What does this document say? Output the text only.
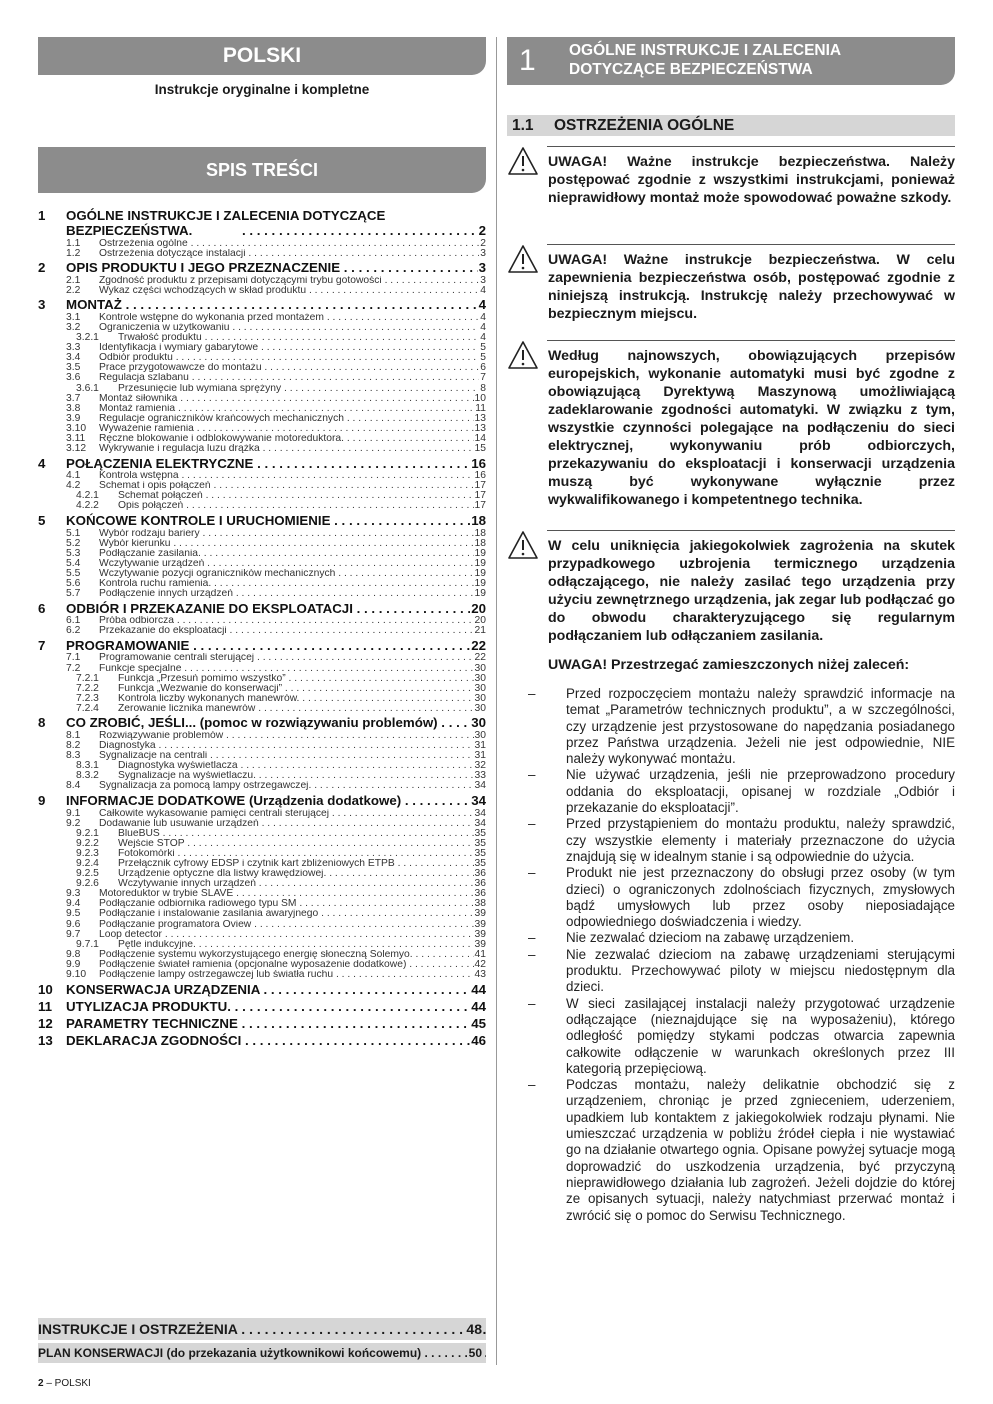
POLSKI
Instrukcje oryginalne i kompletne
SPIS TREŚCI
1 OGÓLNE INSTRUKCJE I ZALECENIA DOTYCZĄCE BEZPIECZEŃSTWA. . . .	2
1.1 Ostrzeżenia ogólne . . .	2
1.2 Ostrzeżenia dotyczące instalacji . . .	3
2 OPIS PRODUKTU I JEGO PRZEZNACZENIE . . .	3
2.1 Zgodność produktu z przepisami dotyczącymi trybu gotowości . . .	3
2.2 Wykaz części wchodzących w skład produktu . . .	4
3 MONTAŻ . . .	4
3.1 Kontrole wstępne do wykonania przed montażem . . .	4
3.2 Ograniczenia w użytkowaniu . . .	4
3.2.1 Trwałość produktu . . .	4
3.3 Identyfikacja i wymiary gabarytowe . . .	5
3.4 Odbiór produktu . . .	5
3.5 Prace przygotowawcze do montażu . . .	6
3.6 Regulacja szlabanu . . .	7
3.6.1 Przesunięcie lub wymiana sprężyny . . .	8
3.7 Montaż siłownika . . .	10
3.8 Montaż ramienia . . .	11
3.9 Regulacje ograniczników krańcowych mechanicznych . . .	13
3.10 Wyważenie ramienia . . .	13
3.11 Ręczne blokowanie i odblokowywanie motoreduktora. . . .	14
3.12 Wykrywanie i regulacja luzu drążka . . .	15
4 POŁĄCZENIA ELEKTRYCZNE . . .	16
4.1 Kontrola wstępna . . .	16
4.2 Schemat i opis połączeń . . .	17
4.2.1 Schemat połączeń . . .	17
4.2.2 Opis połączeń . . .	17
5 KOŃCOWE KONTROLE I URUCHOMIENIE . . .	18
5.1 Wybór rodzaju bariery . . .	18
5.2 Wybór kierunku . . .	18
5.3 Podłączanie zasilania. . . .	19
5.4 Wczytywanie urządzeń . . .	19
5.5 Wczytywanie pozycji ograniczników mechanicznych . . .	19
5.6 Kontrola ruchu ramienia. . . .	19
5.7 Podłączenie innych urządzeń . . .	19
6 ODBIÓR I PRZEKAZANIE DO EKSPLOATACJI . . .	20
6.1 Próba odbiorcza . . .	20
6.2 Przekazanie do eksploatacji . . .	21
7 PROGRAMOWANIE . . .	22
7.1 Programowanie centrali sterującej . . .	22
7.2 Funkcje specjalne . . .	30
7.2.1 Funkcja „Przesuń pomimo wszystko” . . .	30
7.2.2 Funkcja „Wezwanie do konserwacji” . . .	30
7.2.3 Kontrola liczby wykonanych manewrów. . . .	30
7.2.4 Zerowanie licznika manewrów . . .	30
8 CO ZROBIĆ, JEŚLI... (pomoc w rozwiązywaniu problemów) . . .	30
8.1 Rozwiązywanie problemów . . .	30
8.2 Diagnostyka . . .	31
8.3 Sygnalizacje na centrali . . .	31
8.3.1 Diagnostyka wyświetlacza . . .	32
8.3.2 Sygnalizacje na wyświetlaczu. . . .	33
8.4 Sygnalizacja za pomocą lampy ostrzegawczej. . . .	34
9 INFORMACJE DODATKOWE (Urządzenia dodatkowe) . . .	34
9.1 Całkowite wykasowanie pamięci centrali sterującej . . .	34
9.2 Dodawanie lub usuwanie urządzeń . . .	34
9.2.1 BlueBUS . . .	35
9.2.2 Wejście STOP . . .	35
9.2.3 Fotokomórki . . .	35
9.2.4 Przełącznik cyfrowy EDSP i czytnik kart zbliżeniowych ETPB . . .	35
9.2.5 Urządzenie optyczne dla listwy krawędziowej. . . .	36
9.2.6 Wczytywanie innych urządzeń . . .	36
9.3 Motoreduktor w trybie SLAVE . . .	36
9.4 Podłączanie odbiornika radiowego typu SM . . .	38
9.5 Podłączanie i instalowanie zasilania awaryjnego . . .	39
9.6 Podłączanie programatora Oview . . .	39
9.7 Loop detector . . .	39
9.7.1 Pętle indukcyjne. . . .	39
9.8 Podłączenie systemu wykorzystującego energię słoneczną Solemyo. . . .	41
9.9 Podłączenie świateł ramienia (opcjonalne wyposażenie dodatkowe) . . .	42
9.10 Podłączenie lampy ostrzegawczej lub światła ruchu . . .	43
10 KONSERWACJA URZĄDZENIA . . .	44
11 UTYLIZACJA PRODUKTU. . . .	44
12 PARAMETRY TECHNICZNE . . .	45
13 DEKLARACJA ZGODNOŚCI . . .	46
INSTRUKCJE I OSTRZEŻENIA . . .	48
PLAN KONSERWACJI (do przekazania użytkownikowi końcowemu) . . .	50
2 – POLSKI
1 OGÓLNE INSTRUKCJE I ZALECENIA
DOTYCZĄCE BEZPIECZEŃSTWA
1.1 OSTRZEŻENIA OGÓLNE
UWAGA! Ważne instrukcje bezpieczeństwa. Należy postępować zgodnie z wszystkimi instrukcjami, ponieważ nieprawidłowy montaż może spowodować poważne szkody.
UWAGA! Ważne instrukcje bezpieczeństwa. W celu zapewnienia bezpieczeństwa osób, postępować zgodnie z niniejszą instrukcją. Instrukcję należy przechowywać w bezpiecznym miejscu.
Według najnowszych, obowiązujących przepisów europejskich, wykonanie automatyki musi być zgodne z obowiązującą Dyrektywą Maszynową umożliwiającą zadeklarowanie zgodności automatyki. W związku z tym, wszystkie czynności polegające na podłączeniu do sieci elektrycznej, wykonywaniu prób odbiorczych, przekazywaniu do eksploatacji i konserwacji urządzenia muszą być wykonywane wyłącznie przez wykwalifikowanego i kompetentnego technika.
W celu uniknięcia jakiegokolwiek zagrożenia na skutek przypadkowego uzbrojenia termicznego urządzenia odłączającego, nie należy zasilać tego urządzenia przy użyciu zewnętrznego urządzenia, jak zegar lub podłączać go do obwodu charakteryzującego się regularnym podłączaniem lub odłączaniem zasilania.
UWAGA! Przestrzegać zamieszczonych niżej zaleceń:
– Przed rozpoczęciem montażu należy sprawdzić informacje na temat „Parametrów technicznych produktu”, a w szczególności, czy urządzenie jest przystosowane do napędzania posiadanego przez Państwa urządzenia. Jeżeli nie jest odpowiednie, NIE należy wykonywać montażu.
– Nie używać urządzenia, jeśli nie przeprowadzono procedury oddania do eksploatacji, opisanej w rozdziale „Odbiór i przekazanie do eksploatacji”.
– Przed przystąpieniem do montażu produktu, należy sprawdzić, czy wszystkie elementy i materiały przeznaczone do użycia znajdują się w idealnym stanie i są odpowiednie do użycia.
– Produkt nie jest przeznaczony do obsługi przez osoby (w tym dzieci) o ograniczonych zdolnościach fizycznych, zmysłowych bądź umysłowych lub przez osoby nieposiadające odpowiedniego doświadczenia i wiedzy.
– Nie zezwalać dzieciom na zabawę urządzeniem.
– Nie zezwalać dzieciom na zabawę urządzeniami sterującymi produktu. Przechowywać piloty w miejscu niedostępnym dla dzieci.
– W sieci zasilającej instalacji należy przygotować urządzenie odłączające (nieznajdujące się na wyposażeniu), którego odległość pomiędzy stykami podczas otwarcia zapewnia całkowite odłączenie w warunkach określonych przez III kategorią przepięciową.
– Podczas montażu, należy delikatnie obchodzić się z urządzeniem, chroniąc je przed zgnieceniem, uderzeniem, upadkiem lub kontaktem z jakiegokolwiek rodzaju płynami. Nie umieszczać urządzenia w pobliżu źródeł ciepła i nie wystawiać go na działanie otwartego ognia. Opisane powyżej sytuacje mogą doprowadzić do uszkodzenia urządzenia, być przyczyną nieprawidłowego działania lub zagrożeń. Jeżeli dojdzie do której ze opisanych sytuacji, należy natychmiast przerwać montaż i zwrócić się o pomoc do Serwisu Technicznego.
